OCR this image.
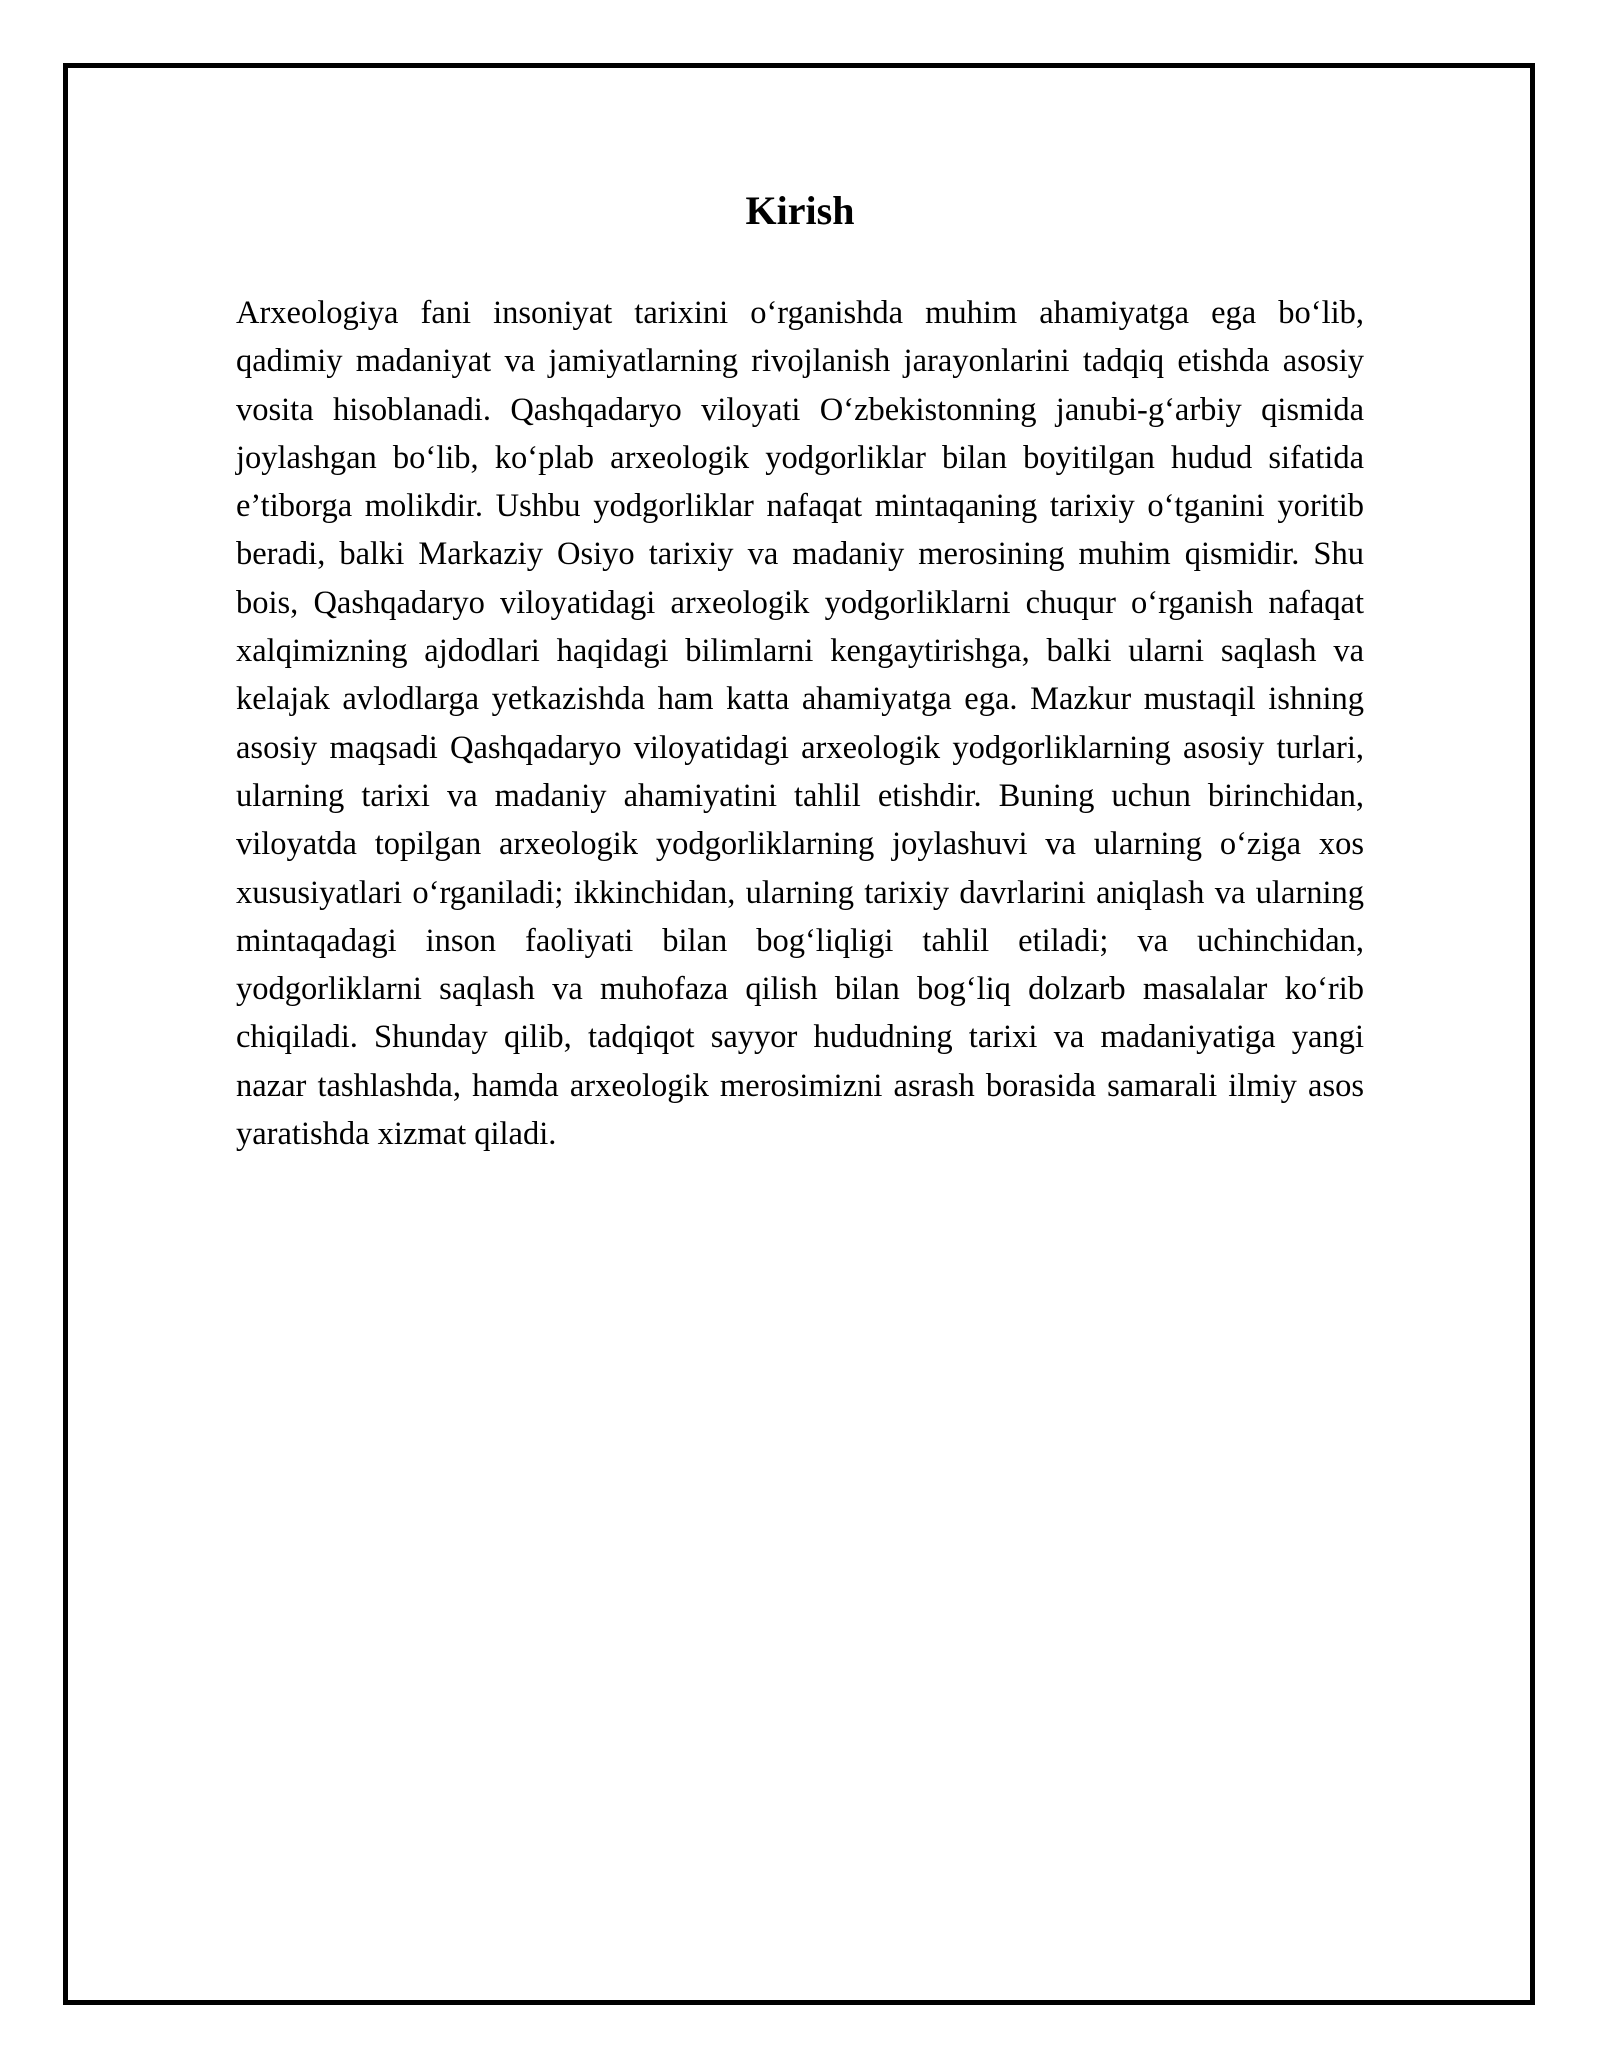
Kirish

Arxeologiya fani insoniyat tarixini o‘rganishda muhim ahamiyatga ega bo‘lib, qadimiy madaniyat va jamiyatlarning rivojlanish jarayonlarini tadqiq etishda asosiy vosita hisoblanadi. Qashqadaryo viloyati O‘zbekistonning janubi-g‘arbiy qismida joylashgan bo‘lib, ko‘plab arxeologik yodgorliklar bilan boyitilgan hudud sifatida e’tiborga molikdir. Ushbu yodgorliklar nafaqat mintaqaning tarixiy o‘tganini yoritib beradi, balki Markaziy Osiyo tarixiy va madaniy merosining muhim qismidir. Shu bois, Qashqadaryo viloyatidagi arxeologik yodgorliklarni chuqur o‘rganish nafaqat xalqimizning ajdodlari haqidagi bilimlarni kengaytirishga, balki ularni saqlash va kelajak avlodlarga yetkazishda ham katta ahamiyatga ega. Mazkur mustaqil ishning asosiy maqsadi Qashqadaryo viloyatidagi arxeologik yodgorliklarning asosiy turlari, ularning tarixi va madaniy ahamiyatini tahlil etishdir. Buning uchun birinchidan, viloyatda topilgan arxeologik yodgorliklarning joylashuvi va ularning o‘ziga xos xususiyatlari o‘rganiladi; ikkinchidan, ularning tarixiy davrlarini aniqlash va ularning mintaqadagi inson faoliyati bilan bog‘liqligi tahlil etiladi; va uchinchidan, yodgorliklarni saqlash va muhofaza qilish bilan bog‘liq dolzarb masalalar ko‘rib chiqiladi. Shunday qilib, tadqiqot sayyor hududning tarixi va madaniyatiga yangi nazar tashlashda, hamda arxeologik merosimizni asrash borasida samarali ilmiy asos yaratishda xizmat qiladi.
